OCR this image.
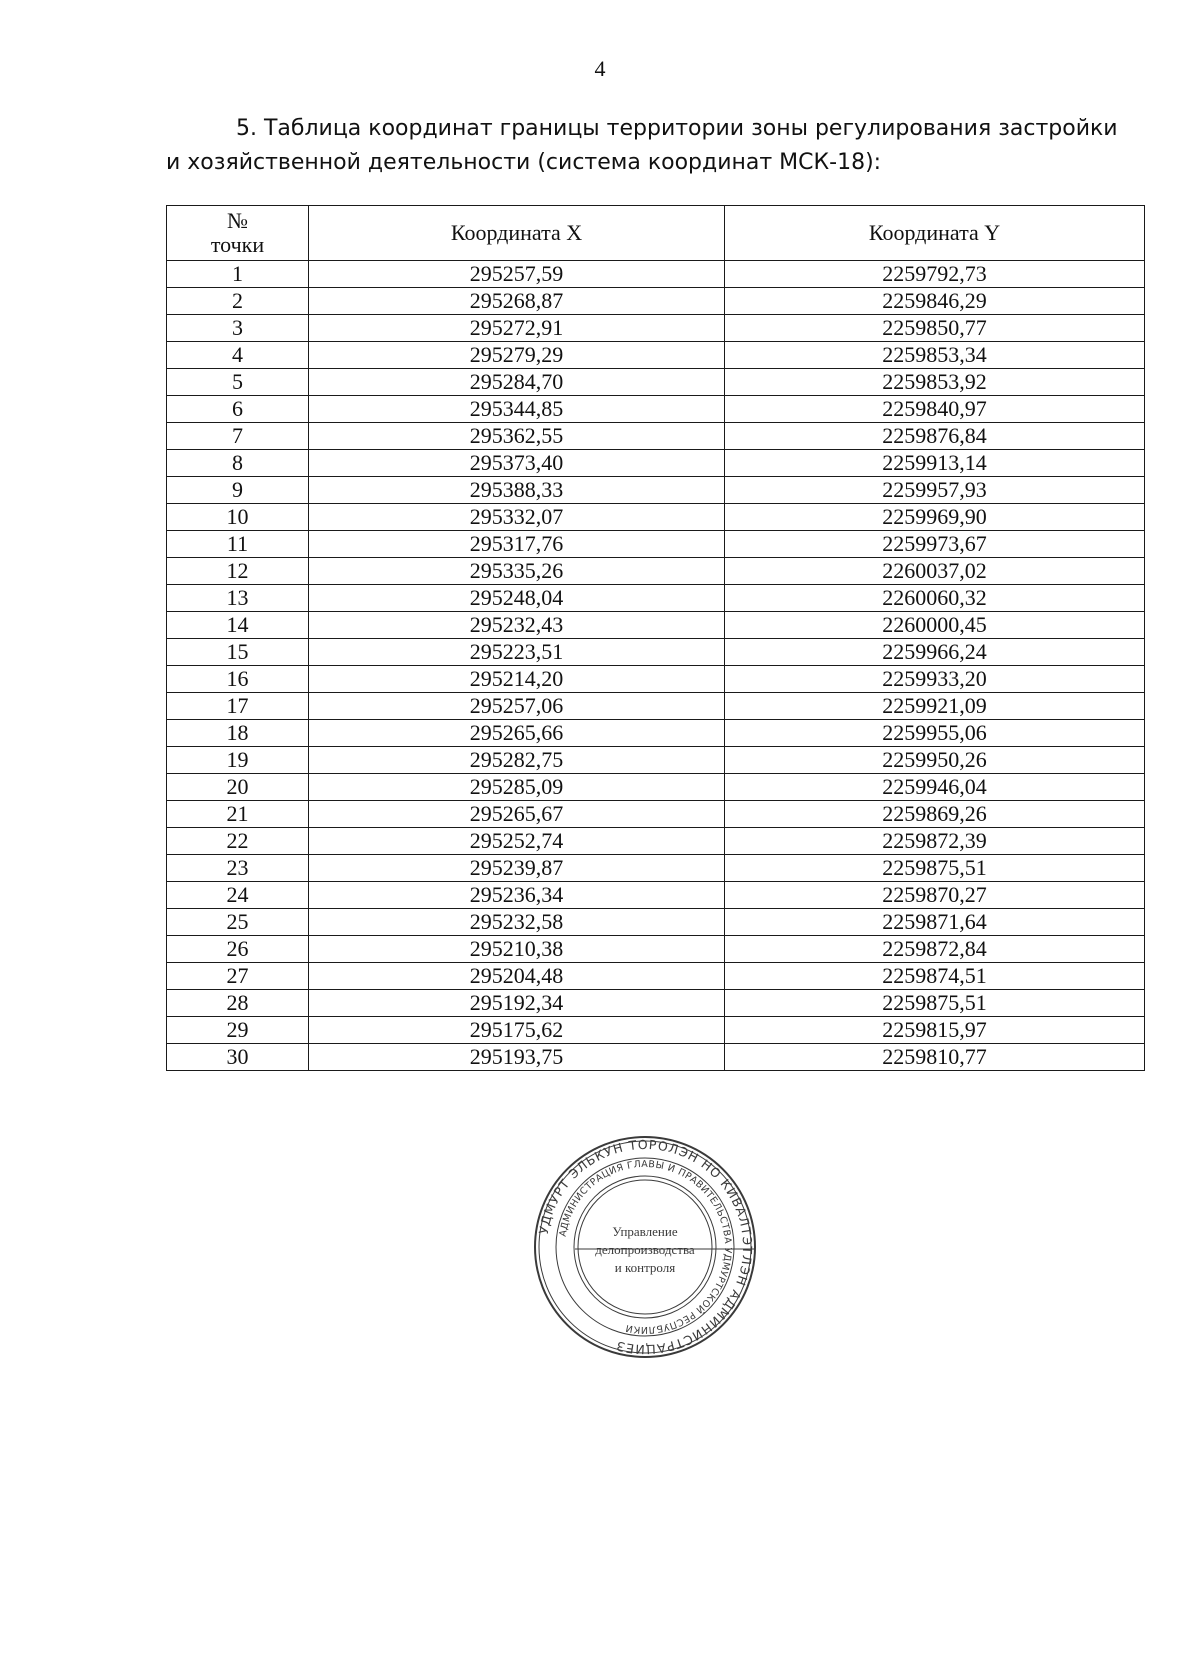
4
5. Таблица координат границы территории зоны регулирования застройки
и хозяйственной деятельности (система координат МСК-18):
№
точки	Координата X	Координата Y
1	295257,59	2259792,73
2	295268,87	2259846,29
3	295272,91	2259850,77
4	295279,29	2259853,34
5	295284,70	2259853,92
6	295344,85	2259840,97
7	295362,55	2259876,84
8	295373,40	2259913,14
9	295388,33	2259957,93
10	295332,07	2259969,90
11	295317,76	2259973,67
12	295335,26	2260037,02
13	295248,04	2260060,32
14	295232,43	2260000,45
15	295223,51	2259966,24
16	295214,20	2259933,20
17	295257,06	2259921,09
18	295265,66	2259955,06
19	295282,75	2259950,26
20	295285,09	2259946,04
21	295265,67	2259869,26
22	295252,74	2259872,39
23	295239,87	2259875,51
24	295236,34	2259870,27
25	295232,58	2259871,64
26	295210,38	2259872,84
27	295204,48	2259874,51
28	295192,34	2259875,51
29	295175,62	2259815,97
30	295193,75	2259810,77
УДМУРТ ЭЛЬКУН ТОРОЛЭН НО КИВАЛТЭТЛЭН АДМИНИСТРАЦИЕЗ
АДМИНИСТРАЦИЯ ГЛАВЫ И ПРАВИТЕЛЬСТВА УДМУРТСКОЙ РЕСПУБЛИКИ
Управление
делопроизводства
и контроля
